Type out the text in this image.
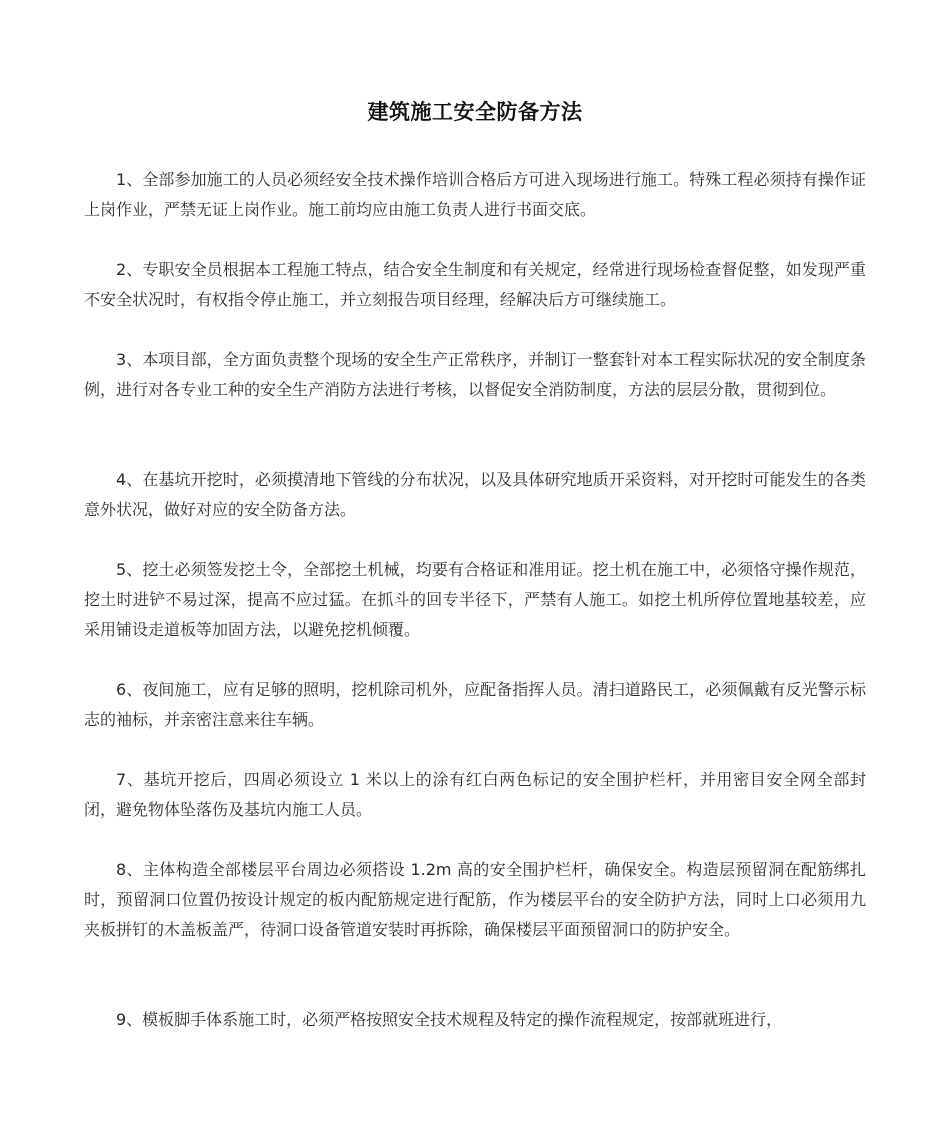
建筑施工安全防备方法

1、全部参加施工的人员必须经安全技术操作培训合格后方可进入现场进行施工。特殊工程必须持有操作证上岗作业，严禁无证上岗作业。施工前均应由施工负责人进行书面交底。

2、专职安全员根据本工程施工特点，结合安全生制度和有关规定，经常进行现场检查督促整，如发现严重不安全状况时，有权指令停止施工，并立刻报告项目经理，经解决后方可继续施工。

3、本项目部，全方面负责整个现场的安全生产正常秩序，并制订一整套针对本工程实际状况的安全制度条例，进行对各专业工种的安全生产消防方法进行考核，以督促安全消防制度，方法的层层分散，贯彻到位。

4、在基坑开挖时，必须摸清地下管线的分布状况，以及具体研究地质开采资料，对开挖时可能发生的各类意外状况，做好对应的安全防备方法。

5、挖土必须签发挖土令，全部挖土机械，均要有合格证和准用证。挖土机在施工中，必须恪守操作规范，挖土时进铲不易过深，提高不应过猛。在抓斗的回专半径下，严禁有人施工。如挖土机所停位置地基较差，应采用铺设走道板等加固方法，以避免挖机倾覆。

6、夜间施工，应有足够的照明，挖机除司机外，应配备指挥人员。清扫道路民工，必须佩戴有反光警示标志的袖标，并亲密注意来往车辆。

7、基坑开挖后，四周必须设立 1 米以上的涂有红白两色标记的安全围护栏杆，并用密目安全网全部封闭，避免物体坠落伤及基坑内施工人员。

8、主体构造全部楼层平台周边必须搭设 1.2m 高的安全围护栏杆，确保安全。构造层预留洞在配筋绑扎时，预留洞口位置仍按设计规定的板内配筋规定进行配筋，作为楼层平台的安全防护方法，同时上口必须用九夹板拼钉的木盖板盖严，待洞口设备管道安装时再拆除，确保楼层平面预留洞口的防护安全。

9、模板脚手体系施工时，必须严格按照安全技术规程及特定的操作流程规定，按部就班进行，
